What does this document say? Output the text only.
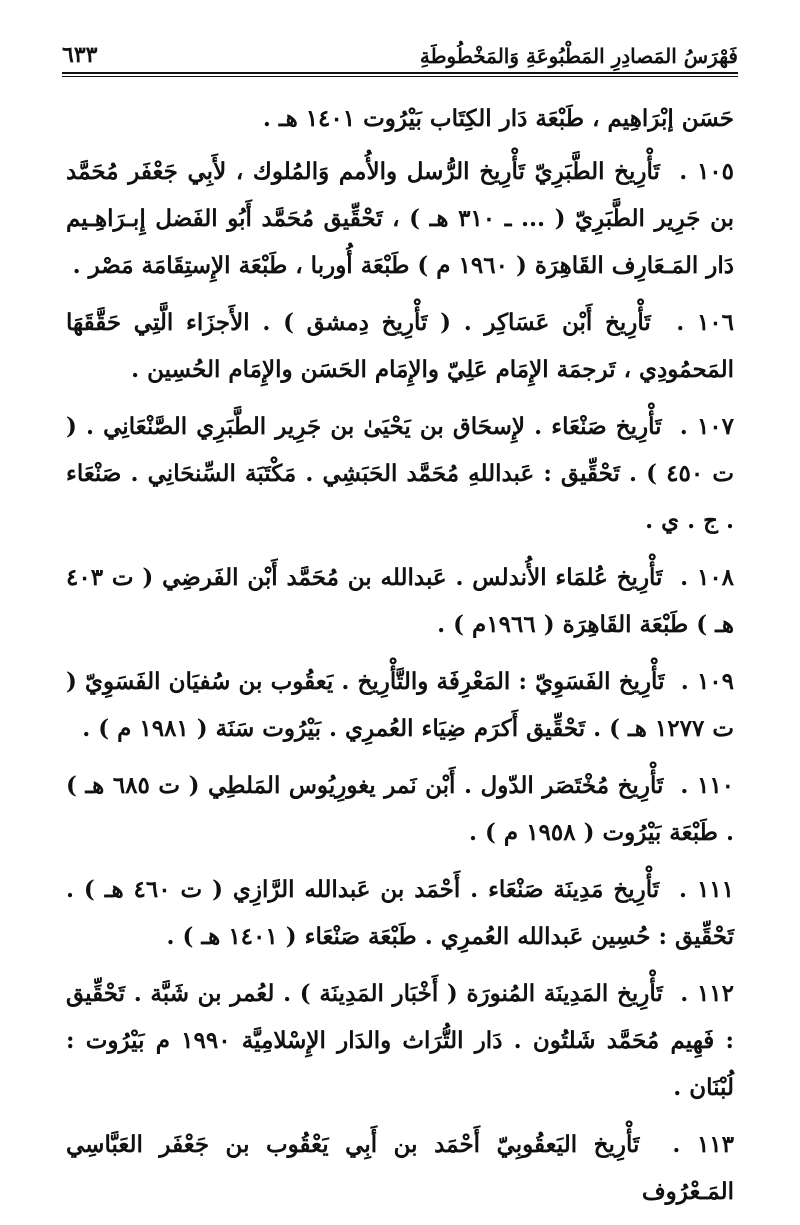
فَهْرَسُ المَصادِرِ المَطْبُوعَةِ وَالمَخْطُوطَةِ
٦٣٣

حَسَن إبْرَاهِيم ، طَبْعَة دَار الكِتَاب بَيْرُوت ١٤٠١ هـ .

١٠٥ .  تَأْرِيخ الطَّبَرِيّ تَأْرِيخ الرُّسل والأُمم وَالمُلوك ، لأَبِي جَعْفَر مُحَمَّد بن جَرِير الطَّبَرِيّ ( ... ـ ٣١٠ هـ ) ، تَحْقِّيق مُحَمَّد أَبُو الفَضل إِبـرَاهِـيم دَار المَـعَارِف القَاهِرَة ( ١٩٦٠ م ) طَبْعَة أُوربا ، طَبْعَة الإِستِقَامَة مَصْر .

١٠٦ .  تَأْرِيخ أَبْن عَسَاكِر . ( تَأْرِيخ دِمشق ) . الأَجزَاء الَّتِي حَقَّقَهَا المَحمُودِي ، تَرجمَة الإِمَام عَلِيّ والإِمَام الحَسَن والإِمَام الحُسِين .

١٠٧ .  تَأْرِيخ صَنْعَاء . لإِسحَاق بن يَحْيَىٰ بن جَرِير الطَّبَرِي الصَّنْعَانِي . ( ت ٤٥٠ ) . تَحْقِّيق : عَبداللهِ مُحَمَّد الحَبَشِي . مَكْتَبَة السِّنحَانِي . صَنْعَاء . ج . ي .

١٠٨ .  تَأْرِيخ عُلمَاء الأُندلس . عَبدالله بن مُحَمَّد أَبْن الفَرضِي ( ت ٤٠٣ هـ ) طَبْعَة القَاهِرَة ( ١٩٦٦م ) .

١٠٩ .  تَأْرِيخ الفَسَوِيّ : المَعْرِفَة والتَّأْرِيخ . يَعقُوب بن سُفيَان الفَسَوِيّ ( ت ١٢٧٧ هـ ) . تَحْقِّيق أَكرَم ضِيَاء العُمرِي . بَيْرُوت سَنَة ( ١٩٨١ م ) .

١١٠ .  تَأْرِيخ مُخْتَصَر الدّول . أَبْن نَمر يغورِيُوس المَلطِي ( ت ٦٨٥ هـ ) . طَبْعَة بَيْرُوت ( ١٩٥٨ م ) .

١١١ .  تَأْرِيخ مَدِينَة صَنْعَاء . أَحْمَد بن عَبدالله الرَّازِي ( ت ٤٦٠ هـ ) . تَحْقِّيق : حُسِين عَبدالله العُمرِي . طَبْعَة صَنْعَاء ( ١٤٠١ هـ ) .

١١٢ .  تَأْرِيخ المَدِينَة المُنورَة ( أَخْبَار المَدِينَة ) . لعُمر بن شَبَّة . تَحْقِّيق : فَهِيم مُحَمَّد شَلتُون . دَار التُّرَاث والدَار الإِسْلامِيَّة ١٩٩٠ م بَيْرُوت : لُبْنَان .

١١٣ .  تَأْرِيخ اليَعقُوبِيّ أَحْمَد بن أَبِي يَعْقُوب بن جَعْفَر العَبَّاسِي المَـعْرُوف
